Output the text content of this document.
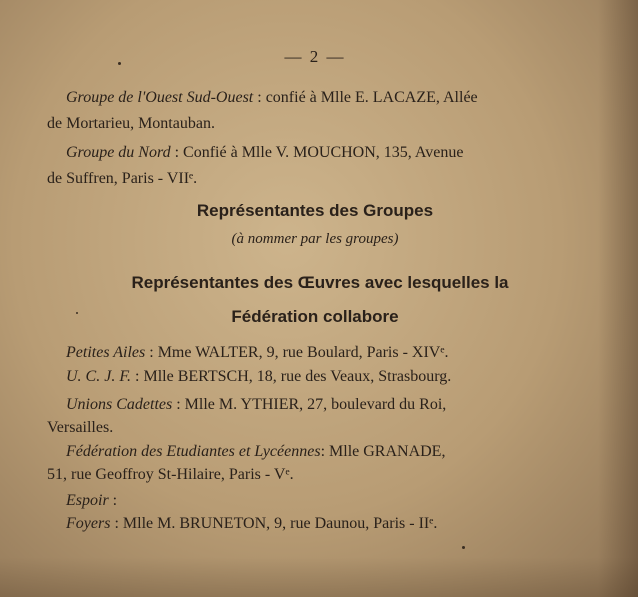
— 2 —
Groupe de l'Ouest Sud-Ouest : confié à Mlle E. LACAZE, Allée
de Mortarieu, Montauban.
Groupe du Nord : Confié à Mlle V. MOUCHON, 135, Avenue
de Suffren, Paris - VIIᵉ.
Représentantes des Groupes
(à nommer par les groupes)
Représentantes des Œuvres avec lesquelles la
Fédération collabore
Petites Ailes : Mme WALTER, 9, rue Boulard, Paris - XIVᵉ.
U. C. J. F. : Mlle BERTSCH, 18, rue des Veaux, Strasbourg.
Unions Cadettes : Mlle M. YTHIER, 27, boulevard du Roi,
Versailles.
Fédération des Etudiantes et Lycéennes: Mlle GRANADE,
51, rue Geoffroy St-Hilaire, Paris - Vᵉ.
Espoir :
Foyers : Mlle M. BRUNETON, 9, rue Daunou, Paris - IIᵉ.
